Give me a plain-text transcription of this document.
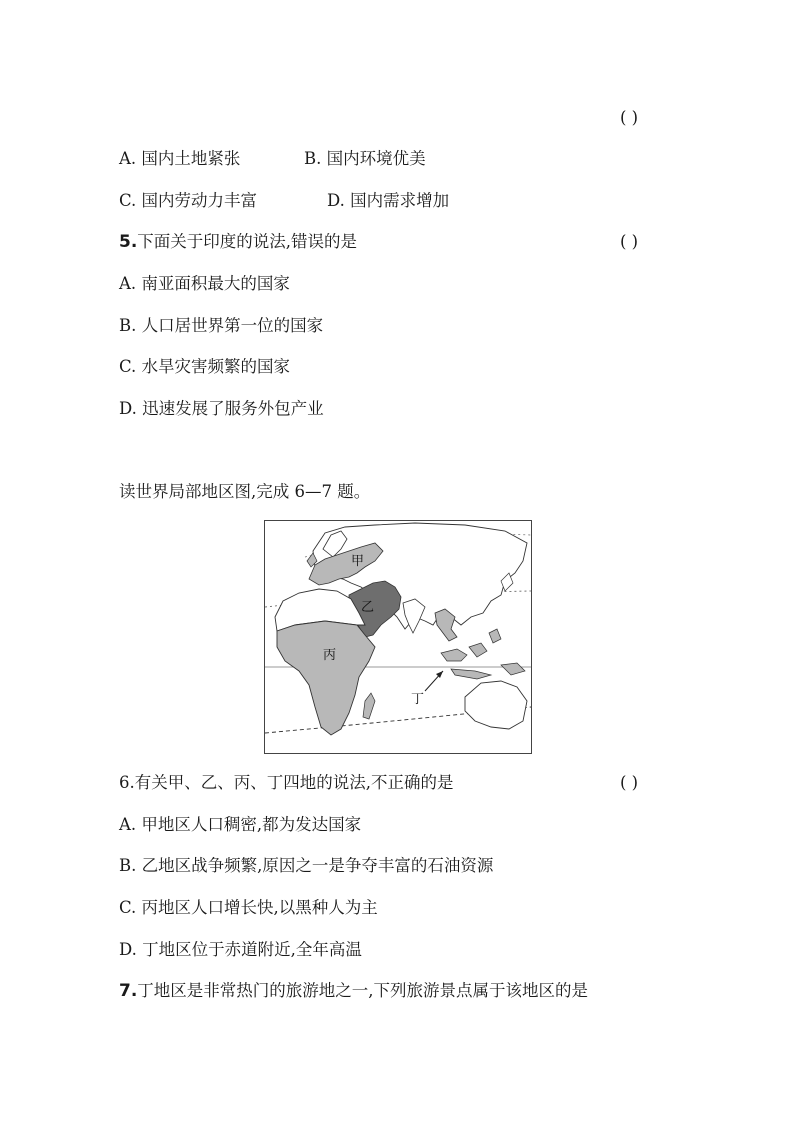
( )
A. 国内土地紧张	B. 国内环境优美
C. 国内劳动力丰富	D. 国内需求增加
5.下面关于印度的说法,错误的是	( )
A. 南亚面积最大的国家
B. 人口居世界第一位的国家
C. 水旱灾害频繁的国家
D. 迅速发展了服务外包产业
读世界局部地区图,完成 6—7 题。
甲
乙
丙
丁
6.有关甲、乙、丙、丁四地的说法,不正确的是	( )
A. 甲地区人口稠密,都为发达国家
B. 乙地区战争频繁,原因之一是争夺丰富的石油资源
C. 丙地区人口增长快,以黑种人为主
D. 丁地区位于赤道附近,全年高温
7.丁地区是非常热门的旅游地之一,下列旅游景点属于该地区的是
